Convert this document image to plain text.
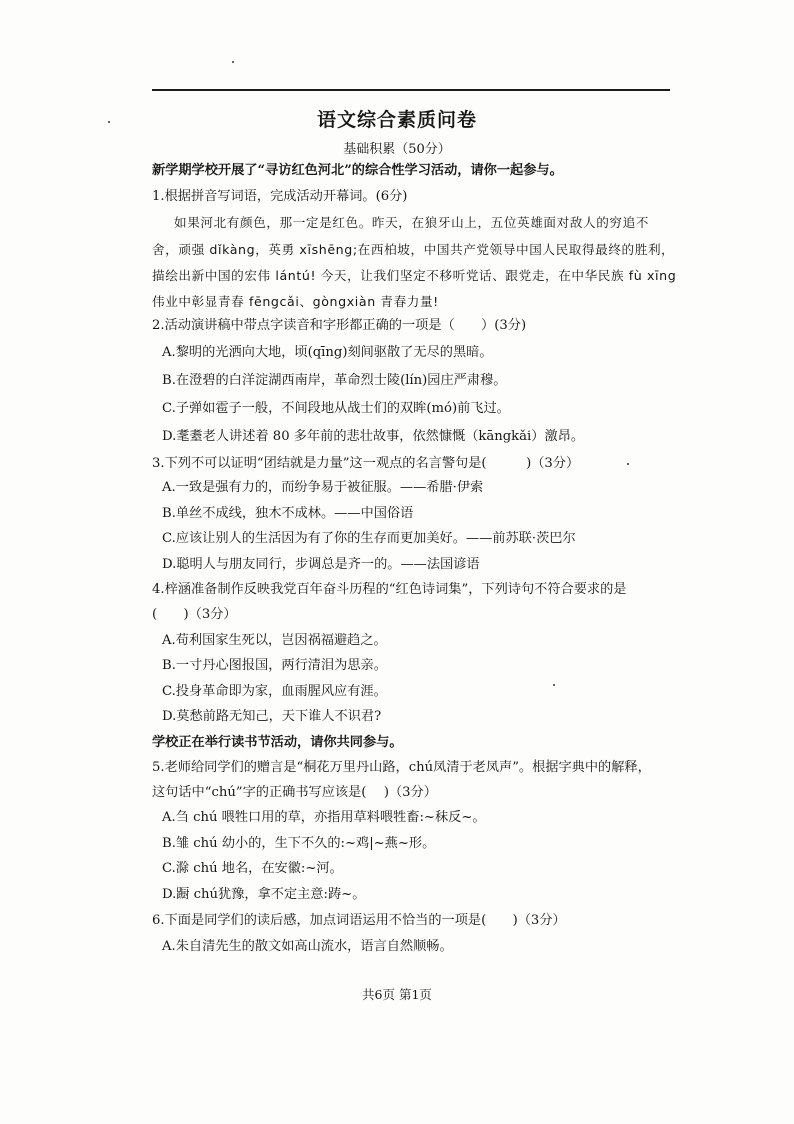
语文综合素质问卷
基础积累（50分）
新学期学校开展了“寻访红色河北”的综合性学习活动，请你一起参与。
1.根据拼音写词语，完成活动开幕词。(6分)
如果河北有颜色，那一定是红色。昨天，在狼牙山上，五位英雄面对敌人的穷追不
舍，顽强 dǐkàng，英勇 xīshēng;在西柏坡，中国共产党领导中国人民取得最终的胜利，
描绘出新中国的宏伟 lántú! 今天，让我们坚定不移听党话、跟党走，在中华民族 fù xīng
伟业中彰显青春 fēngcǎi、gòngxiàn 青春力量!
2.活动演讲稿中带点字读音和字形都正确的一项是（　　）(3分)
A.黎明的光洒向大地，顷(qīng)刻间驱散了无尽的黑暗。
B.在澄碧的白洋淀湖西南岸，革命烈士陵(lín)园庄严肃穆。
C.子弹如雹子一般，不间段地从战士们的双眸(mó)前飞过。
D.耄耋老人讲述着 80 多年前的悲壮故事，依然慷慨（kāngkǎi）激昂。
3.下列不可以证明“团结就是力量”这一观点的名言警句是(　　　)（3分）
A.一致是强有力的，而纷争易于被征服。——希腊·伊索
B.单丝不成线，独木不成林。——中国俗语
C.应该让别人的生活因为有了你的生存而更加美好。——前苏联·茨巴尔
D.聪明人与朋友同行，步调总是齐一的。——法国谚语
4.梓涵准备制作反映我党百年奋斗历程的“红色诗词集”，下列诗句不符合要求的是
(　　)（3分）
A.苟利国家生死以，岂因祸福避趋之。
B.一寸丹心图报国，两行清泪为思亲。
C.投身革命即为家，血雨腥风应有涯。
D.莫愁前路无知己，天下谁人不识君?
学校正在举行读书节活动，请你共同参与。
5.老师给同学们的赠言是“桐花万里丹山路，chú凤清于老凤声”。根据字典中的解释，
这句话中“chú”字的正确书写应该是(　 )（3分）
A.刍 chú 喂牲口用的草，亦指用草料喂牲畜:~秣反~。
B.雏 chú 幼小的，生下不久的:~鸡|~燕~形。
C.滁 chú 地名，在安徽:~河。
D.蹰 chú犹豫，拿不定主意:踌~。
6.下面是同学们的读后感，加点词语运用不恰当的一项是(　　)（3分）
A.朱自清先生的散文如高山流水，语言自然顺畅。
共6页 第1页
